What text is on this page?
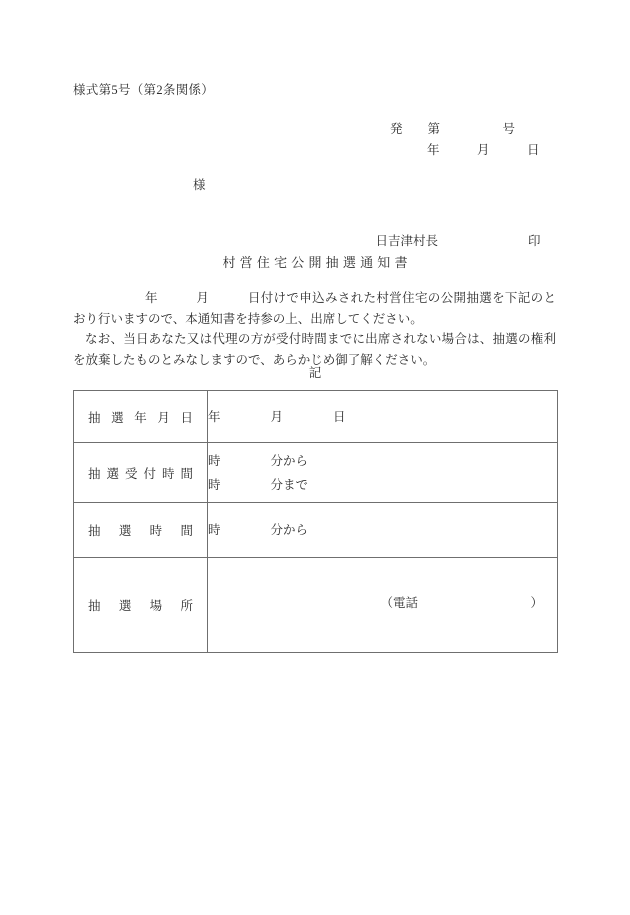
様式第5号（第2条関係）
発　　第　　　　　号
年　　　月　　　日
様

日吉津村長	印

村営住宅公開抽選通知書

年　　　月　　　日付けで申込みされた村営住宅の公開抽選を下記のとおり行いますので、本通知書を持参の上、出席してください。

なお、当日あなた又は代理の方が受付時間までに出席されない場合は、抽選の権利を放棄したものとみなしますので、あらかじめ御了解ください。

記
抽選年月日	年　　　　月　　　　日

抽選受付時間	時　　　　分から
時　　　　分まで

抽選時間	時　　　　分から

抽選場所	（電話　　　　　　　　　）
